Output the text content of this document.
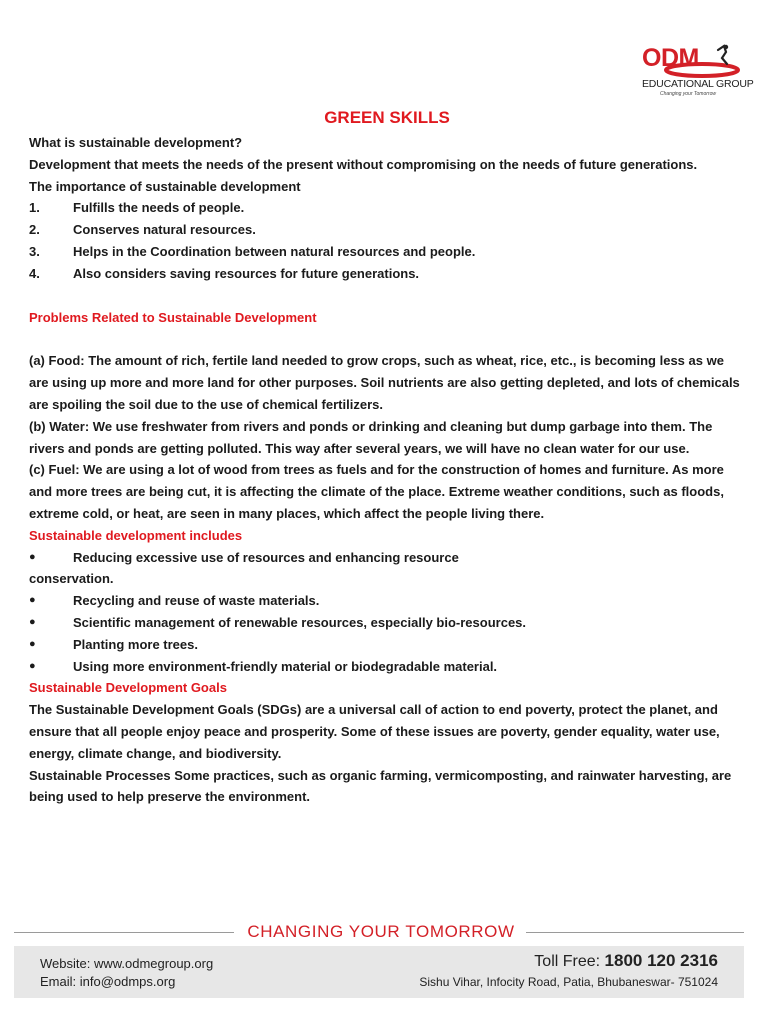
ODM
EDUCATIONAL GROUP
Changing your Tomorrow
GREEN SKILLS
What is sustainable development?
Development that meets the needs of the present without compromising on the needs of future generations.
The importance of sustainable development
1.	Fulfills the needs of people.
2.	Conserves natural resources.
3.	Helps in the Coordination between natural resources and people.
4.	Also considers saving resources for future generations.
Problems Related to Sustainable Development
(a) Food: The amount of rich, fertile land needed to grow crops, such as wheat, rice, etc., is becoming less as we
are using up more and more land for other purposes. Soil nutrients are also getting depleted, and lots of chemicals
are spoiling the soil due to the use of chemical fertilizers.
(b) Water: We use freshwater from rivers and ponds or drinking and cleaning but dump garbage into them. The
rivers and ponds are getting polluted. This way after several years, we will have no clean water for our use.
(c) Fuel: We are using a lot of wood from trees as fuels and for the construction of homes and furniture. As more
and more trees are being cut, it is affecting the climate of the place. Extreme weather conditions, such as floods,
extreme cold, or heat, are seen in many places, which affect the people living there.
Sustainable development includes
●	Reducing excessive use of resources and enhancing resource
conservation.
●	Recycling and reuse of waste materials.
●	Scientific management of renewable resources, especially bio-resources.
●	Planting more trees.
●	Using more environment-friendly material or biodegradable material.
Sustainable Development Goals
The Sustainable Development Goals (SDGs) are a universal call of action to end poverty, protect the planet, and
ensure that all people enjoy peace and prosperity. Some of these issues are poverty, gender equality, water use,
energy, climate change, and biodiversity.
Sustainable Processes Some practices, such as organic farming, vermicomposting, and rainwater harvesting, are
being used to help preserve the environment.
CHANGING YOUR TOMORROW
Website: www.odmegroup.org
Email: info@odmps.org
Toll Free: 1800 120 2316
Sishu Vihar, Infocity Road, Patia, Bhubaneswar- 751024
